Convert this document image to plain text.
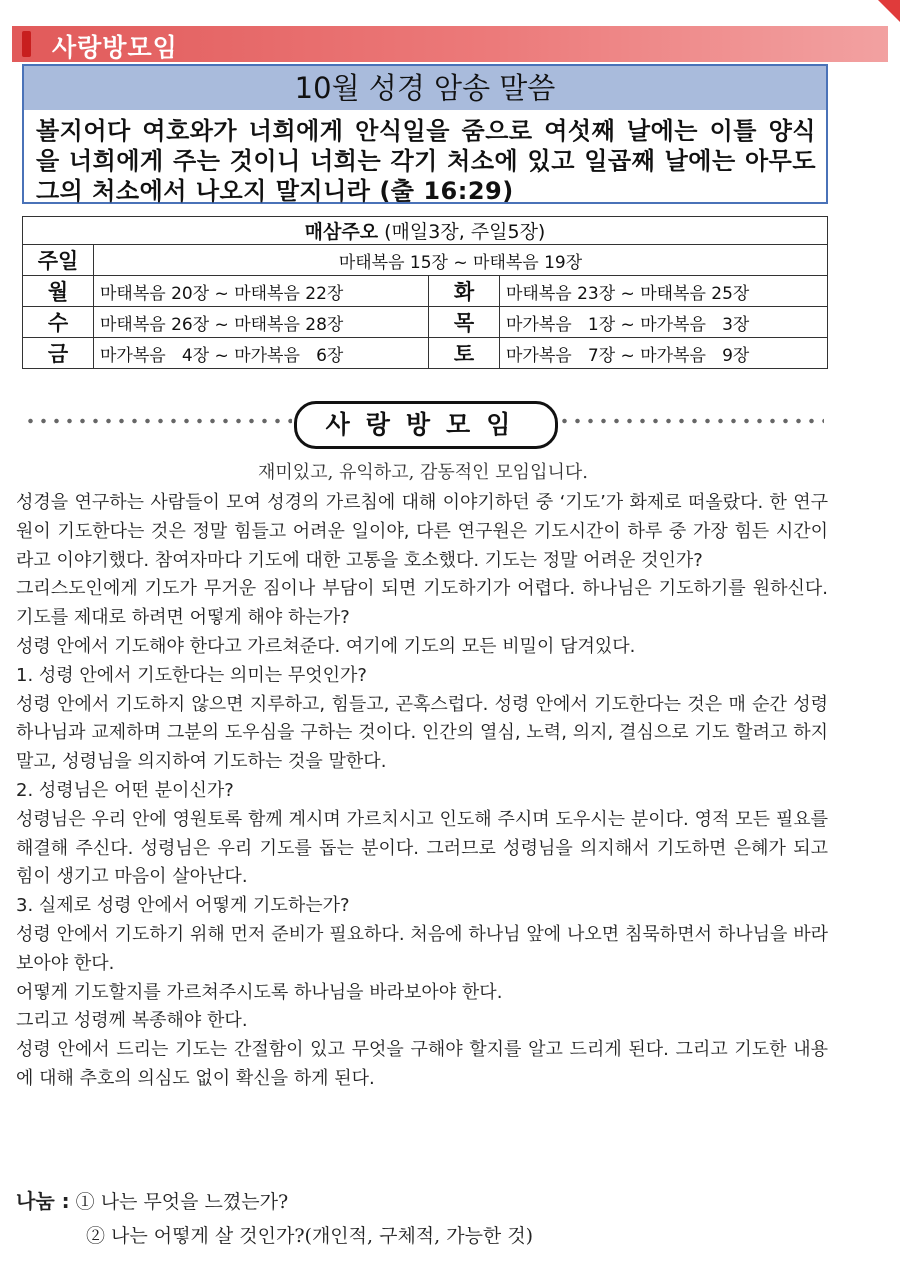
사랑방모임
10월 성경 암송 말씀
볼지어다 여호와가 너희에게 안식일을 줌으로 여섯째 날에는 이틀 양식을 너희에게 주는 것이니 너희는 각기 처소에 있고 일곱째 날에는 아무도 그의 처소에서 나오지 말지니라 (출 16:29)
매삼주오 (매일3장, 주일5장)			
주일	마태복음 15장 ~ 마태복음 19장		
월	마태복음 20장 ~ 마태복음 22장	화	마태복음 23장 ~ 마태복음 25장
수	마태복음 26장 ~ 마태복음 28장	목	마가복음   1장 ~ 마가복음   3장
금	마가복음   4장 ~ 마가복음   6장	토	마가복음   7장 ~ 마가복음   9장
사랑방모임
재미있고, 유익하고, 감동적인 모임입니다.

성경을 연구하는 사람들이 모여 성경의 가르침에 대해 이야기하던 중 ‘기도’가 화제로 떠올랐다. 한 연구원이 기도한다는 것은 정말 힘들고 어려운 일이야, 다른 연구원은 기도시간이 하루 중 가장 힘든 시간이라고 이야기했다. 참여자마다 기도에 대한 고통을 호소했다. 기도는 정말 어려운 것인가?

그리스도인에게 기도가 무거운 짐이나 부담이 되면 기도하기가 어렵다. 하나님은 기도하기를 원하신다. 기도를 제대로 하려면 어떻게 해야 하는가?

성령 안에서 기도해야 한다고 가르쳐준다. 여기에 기도의 모든 비밀이 담겨있다.

1. 성령 안에서 기도한다는 의미는 무엇인가?

성령 안에서 기도하지 않으면 지루하고, 힘들고, 곤혹스럽다. 성령 안에서 기도한다는 것은 매 순간 성령 하나님과 교제하며 그분의 도우심을 구하는 것이다. 인간의 열심, 노력, 의지, 결심으로 기도 할려고 하지 말고, 성령님을 의지하여 기도하는 것을 말한다.

2. 성령님은 어떤 분이신가?

성령님은 우리 안에 영원토록 함께 계시며 가르치시고 인도해 주시며 도우시는 분이다. 영적 모든 필요를 해결해 주신다. 성령님은 우리 기도를 돕는 분이다. 그러므로 성령님을 의지해서 기도하면 은혜가 되고 힘이 생기고 마음이 살아난다.

3. 실제로 성령 안에서 어떻게 기도하는가?

성령 안에서 기도하기 위해 먼저 준비가 필요하다. 처음에 하나님 앞에 나오면 침묵하면서 하나님을 바라보아야 한다.

어떻게 기도할지를 가르쳐주시도록 하나님을 바라보아야 한다.

그리고 성령께 복종해야 한다.

성령 안에서 드리는 기도는 간절함이 있고 무엇을 구해야 할지를 알고 드리게 된다. 그리고 기도한 내용에 대해 추호의 의심도 없이 확신을 하게 된다.

나눔 : ① 나는 무엇을 느꼈는가?
② 나는 어떻게 살 것인가?(개인적, 구체적, 가능한 것)
